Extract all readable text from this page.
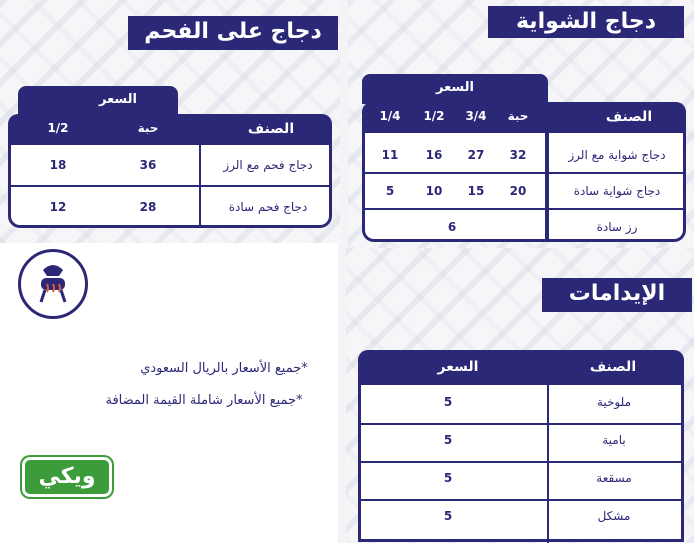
دجاج على الفحم
السعر
الصنف
حبة
1/2
دجاج فحم مع الرز
36
18
دجاج فحم سادة
28
12
دجاج الشواية
السعر
الصنف
حبة
3/4
1/2
1/4
دجاج شواية مع الرز
32
27
16
11
دجاج شواية سادة
20
15
10
5
رز سادة
6
*جميع الأسعار بالريال السعودي
*جميع الأسعار شاملة القيمة المضافة
ويكي
الإيدامات
الصنف
السعر
ملوخية
5
بامية
5
مسقعة
5
مشكل
5
